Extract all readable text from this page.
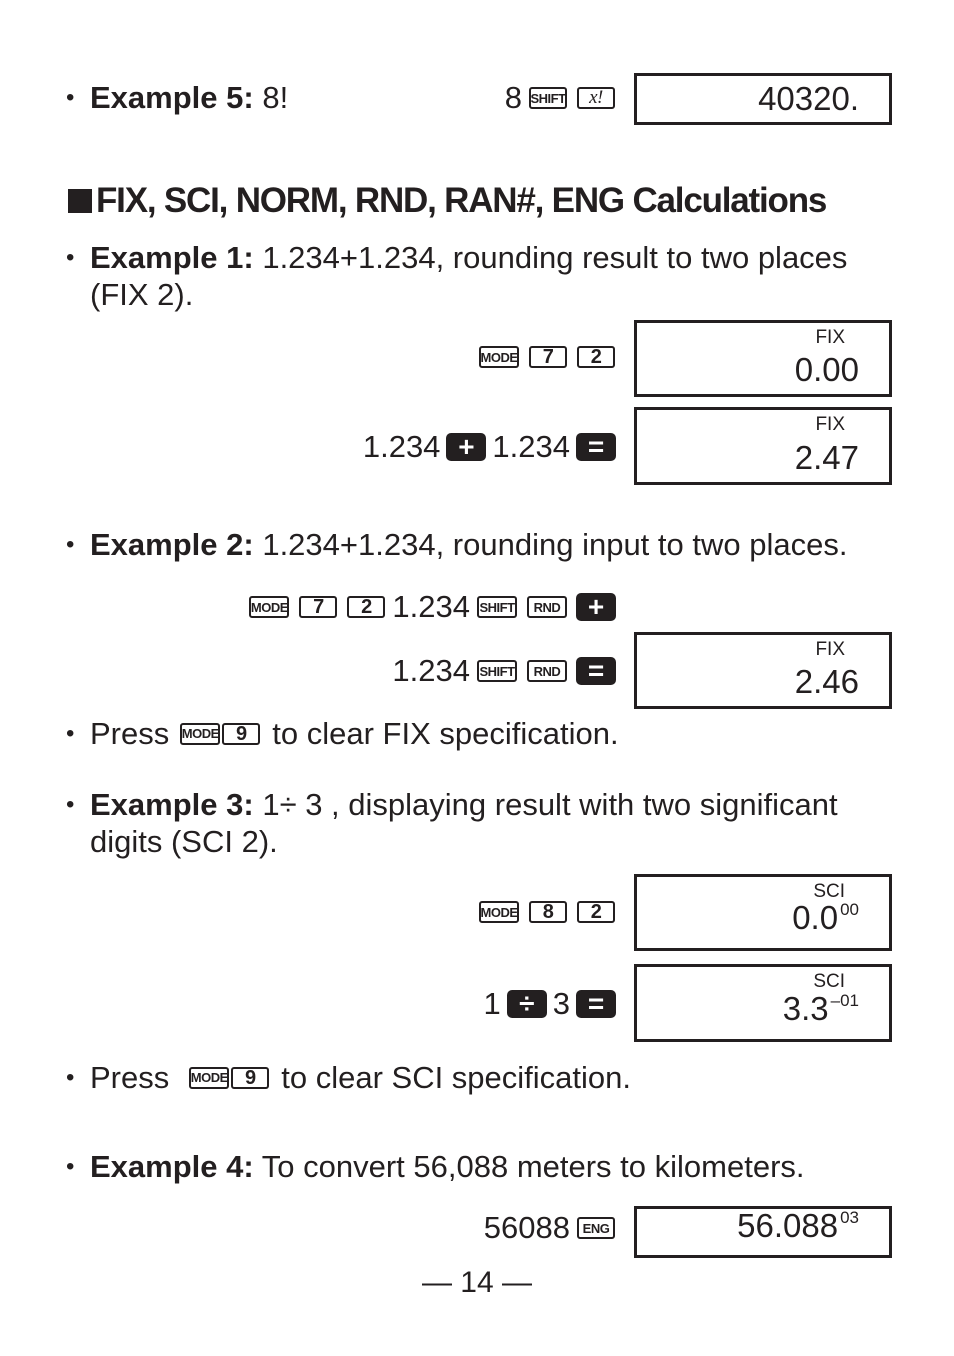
• Example 5: 8!	8 SHIFT	x!	40320.
FIX, SCI, NORM, RND, RAN#, ENG Calculations
• Example 1: 1.234+1.234, rounding result to two places
(FIX 2).
MODE	7	2
FIX
0.00
1.234 + 1.234 =
FIX
2.47
• Example 2: 1.234+1.234, rounding input to two places.
MODE	7	2 1.234 SHIFT	RND +
1.234 SHIFT	RND =
FIX
2.46
• Press MODE 9 to clear FIX specification.
• Example 3: 1÷ 3 , displaying result with two significant
digits (SCI 2).
MODE	8	2
SCI
0.0 $^{00}$
1 ÷ 3 =
SCI
3.3 $^{-01}$
• Press MODE 9 to clear SCI specification.
• Example 4: To convert 56,088 meters to kilometers.
56088 ENG	56.088 $^{03}$
— 14 —
